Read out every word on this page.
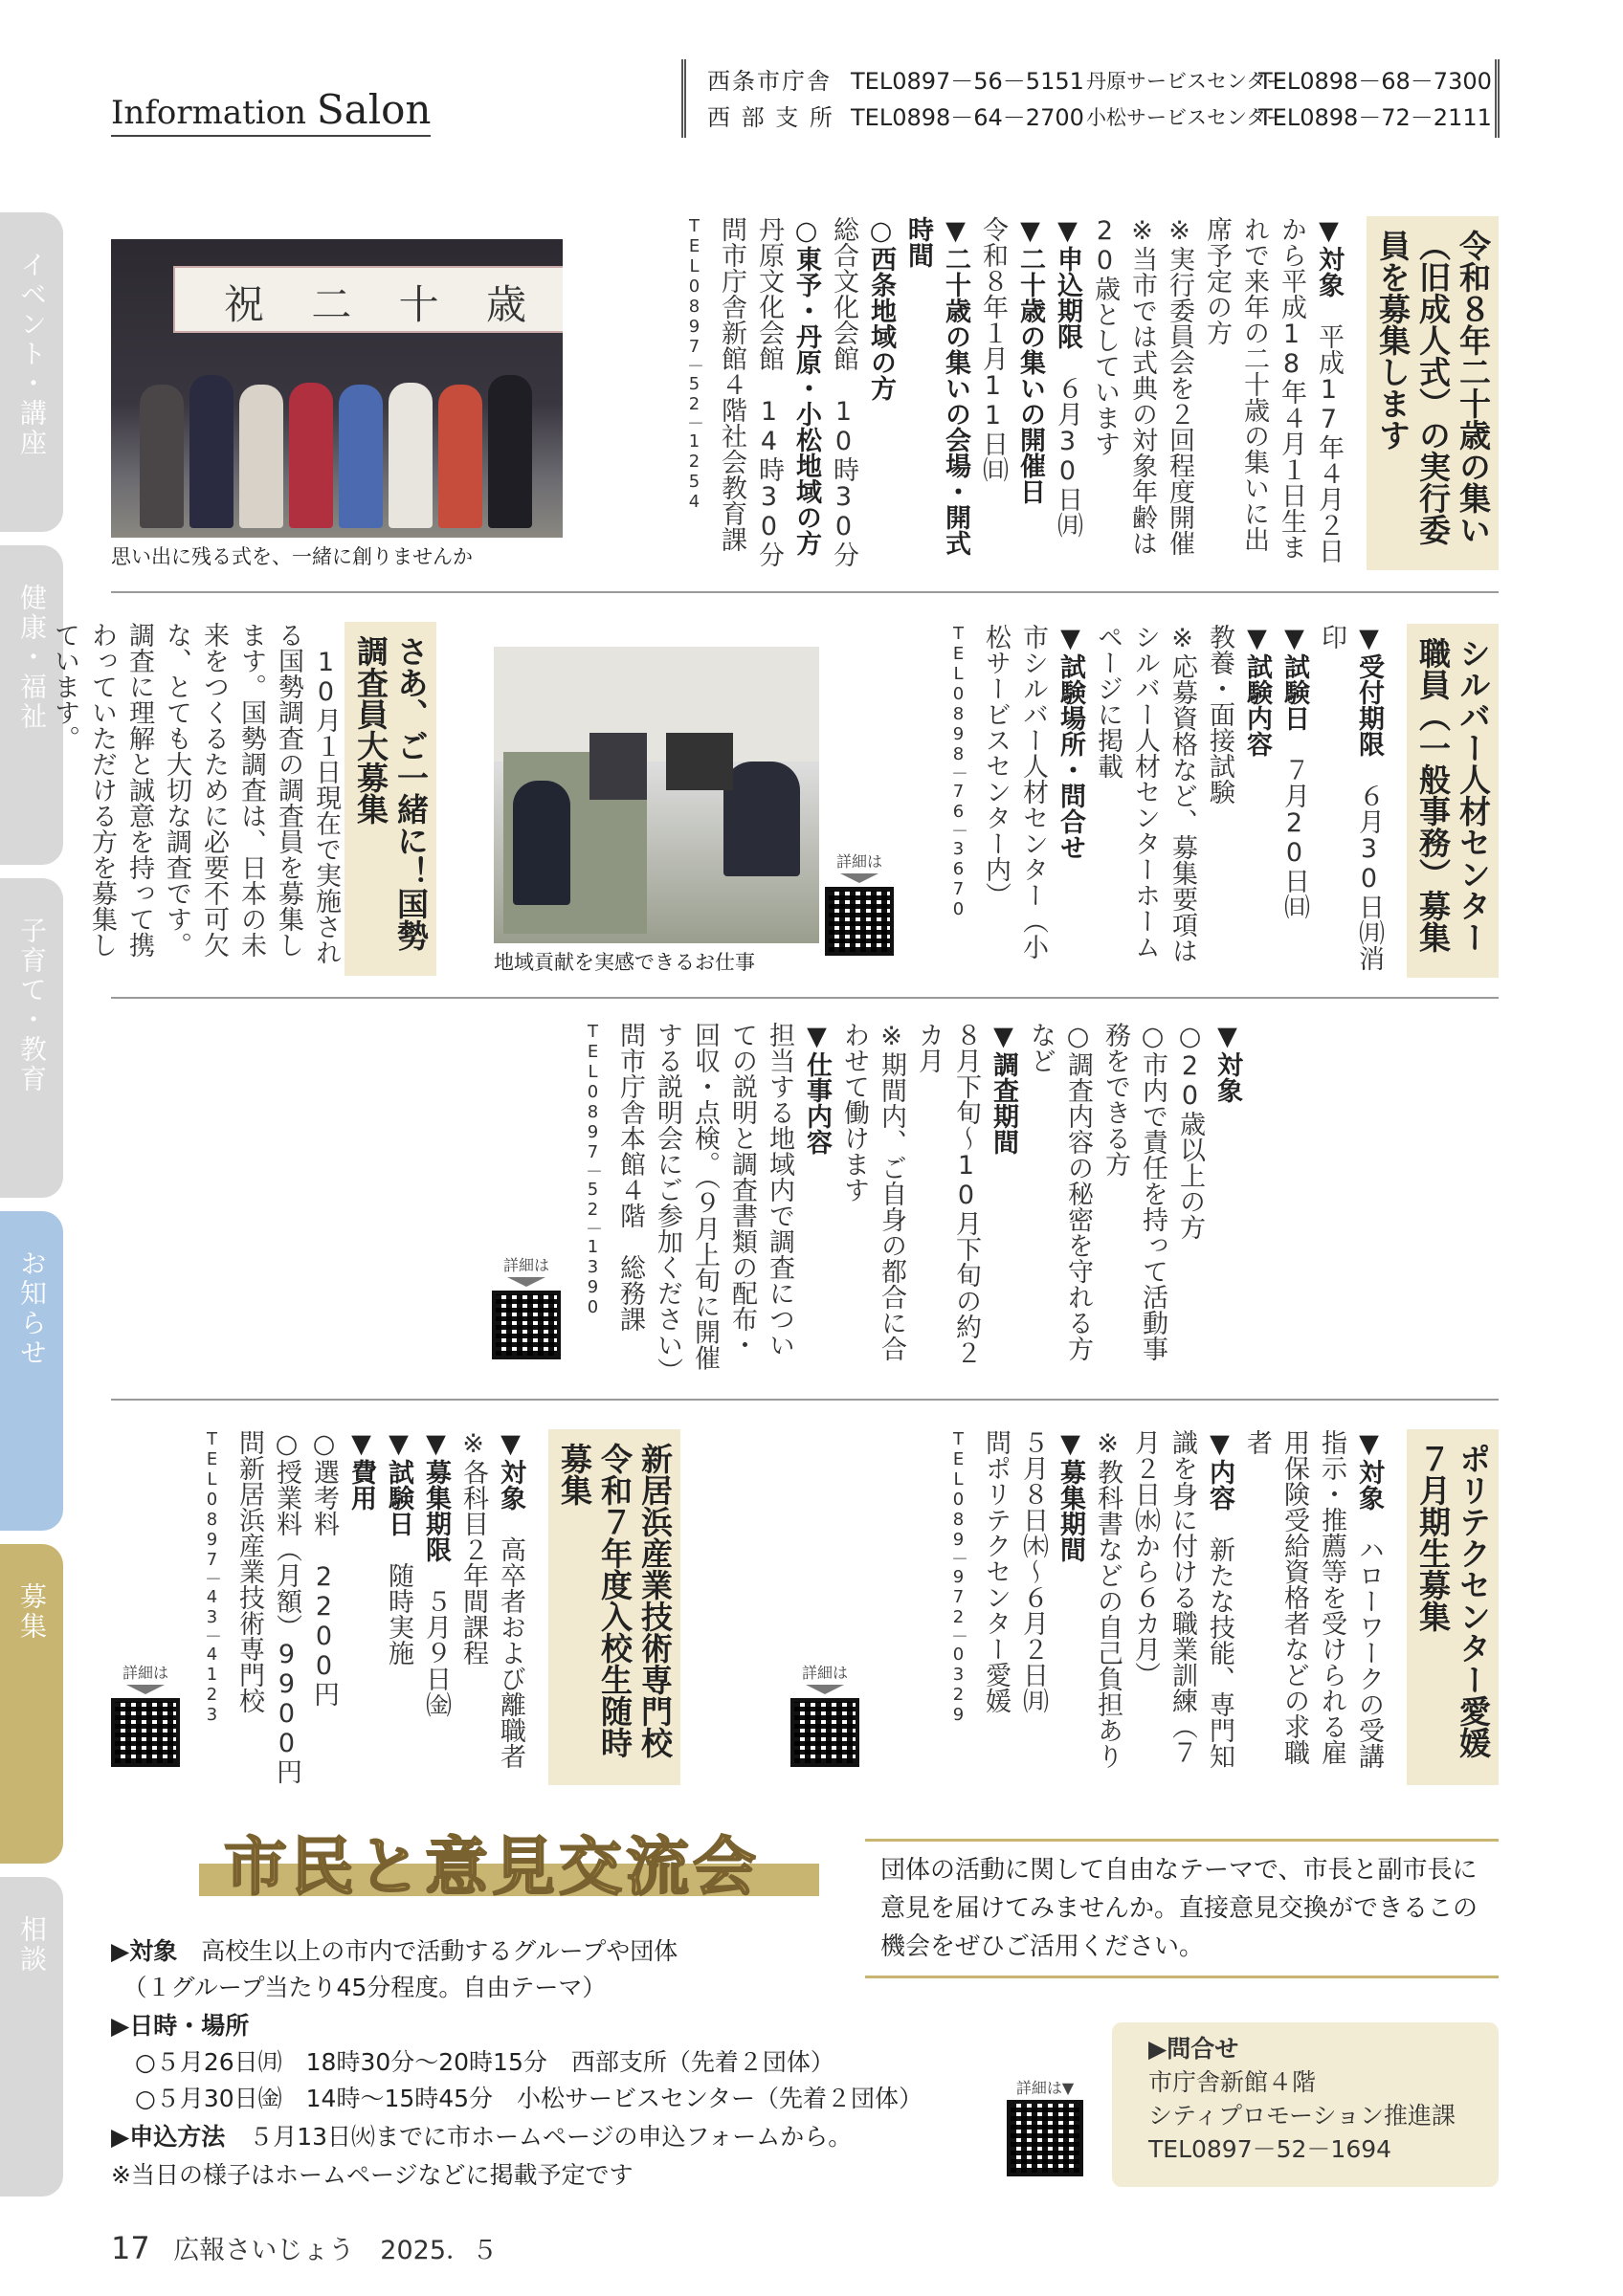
Information Salon
西条市庁舎 TEL0897－56－5151 丹原サービスセンター
TEL0898－68－7300
西 部 支 所 TEL0898－64－2700 小松サービスセンター
TEL0898－72－2111
イベント・講座
健康・福祉
子育て・教育
お知らせ
募集
相談

令和８年二十歳の集い（旧成人式）の実行委員を募集します

▼対象　平成17年４月２日から平成18年４月１日生まれで来年の二十歳の集いに出席予定の方

※実行委員会を２回程度開催

※当市では式典の対象年齢は20歳としています

▼申込期限　６月30日㈪

▼二十歳の集いの開催日

令和８年１月11日㈰

▼二十歳の集いの会場・開式時間

○西条地域の方

総合文化会館　10時30分

○東予・丹原・小松地域の方

丹原文化会館　14時30分

問市庁舎新館４階社会教育課

TEL0897－52－1254

祝 二 十 歳
思い出に残る式を、一緒に創りませんか

シルバー人材センター職員（一般事務）募集

▼受付期限　６月30日㈪消印

▼試験日　７月20日㈰

▼試験内容

教養・面接試験

※応募資格など、募集要項はシルバー人材センターホームページに掲載

▼試験場所・問合せ

市シルバー人材センター（小松サービスセンター内）

TEL0898－76－3670

詳細は
地域貢献を実感できるお仕事

さあ、ご一緒に！国勢調査員大募集

　10月１日現在で実施される国勢調査の調査員を募集します。国勢調査は、日本の未来をつくるために必要不可欠な、とても大切な調査です。調査に理解と誠意を持って携わっていただける方を募集しています。

▼対象

○20歳以上の方

○市内で責任を持って活動事務をできる方

○調査内容の秘密を守れる方など

▼調査期間

８月下旬～10月下旬の約２カ月

※期間内、ご自身の都合に合わせて働けます

▼仕事内容

担当する地域内で調査についての説明と調査書類の配布・回収・点検。（９月上旬に開催する説明会にご参加ください）

問市庁舎本館４階　総務課

TEL0897－52－1390

詳細は

ポリテクセンター愛媛７月期生募集

▼対象　ハローワークの受講指示・推薦等を受けられる雇用保険受給資格者などの求職者

▼内容　新たな技能、専門知識を身に付ける職業訓練（７月２日㈬から６カ月）

※教科書などの自己負担あり

▼募集期間

５月８日㈭～６月２日㈪

問ポリテクセンター愛媛

TEL089－972－0329

詳細は

新居浜産業技術専門校令和７年度入校生随時募集

▼対象　高卒者および離職者

※各科目２年間課程

▼募集期限　５月９日㈮

▼試験日　随時実施

▼費用

○選考料　2200円

○授業料（月額）9900円

問新居浜産業技術専門校

TEL0897－43－4123

詳細は
市民と意見交流会	団体の活動に関して自由なテーマで、市長と副市長に意見を届けてみませんか。直接意見交換ができるこの機会をぜひご活用ください。
▶対象　高校生以上の市内で活動するグループや団体
　（１グループ当たり45分程度。自由テーマ）
▶日時・場所
　○５月26日㈪　18時30分～20時15分　西部支所（先着２団体）
　○５月30日㈮　14時～15時45分　小松サービスセンター（先着２団体）
▶申込方法　５月13日㈫までに市ホームページの申込フォームから。
※当日の様子はホームページなどに掲載予定です
詳細は▼
▶問合せ
市庁舎新館４階
シティプロモーション推進課
TEL0897－52－1694
17 広報さいじょう　2025．５
